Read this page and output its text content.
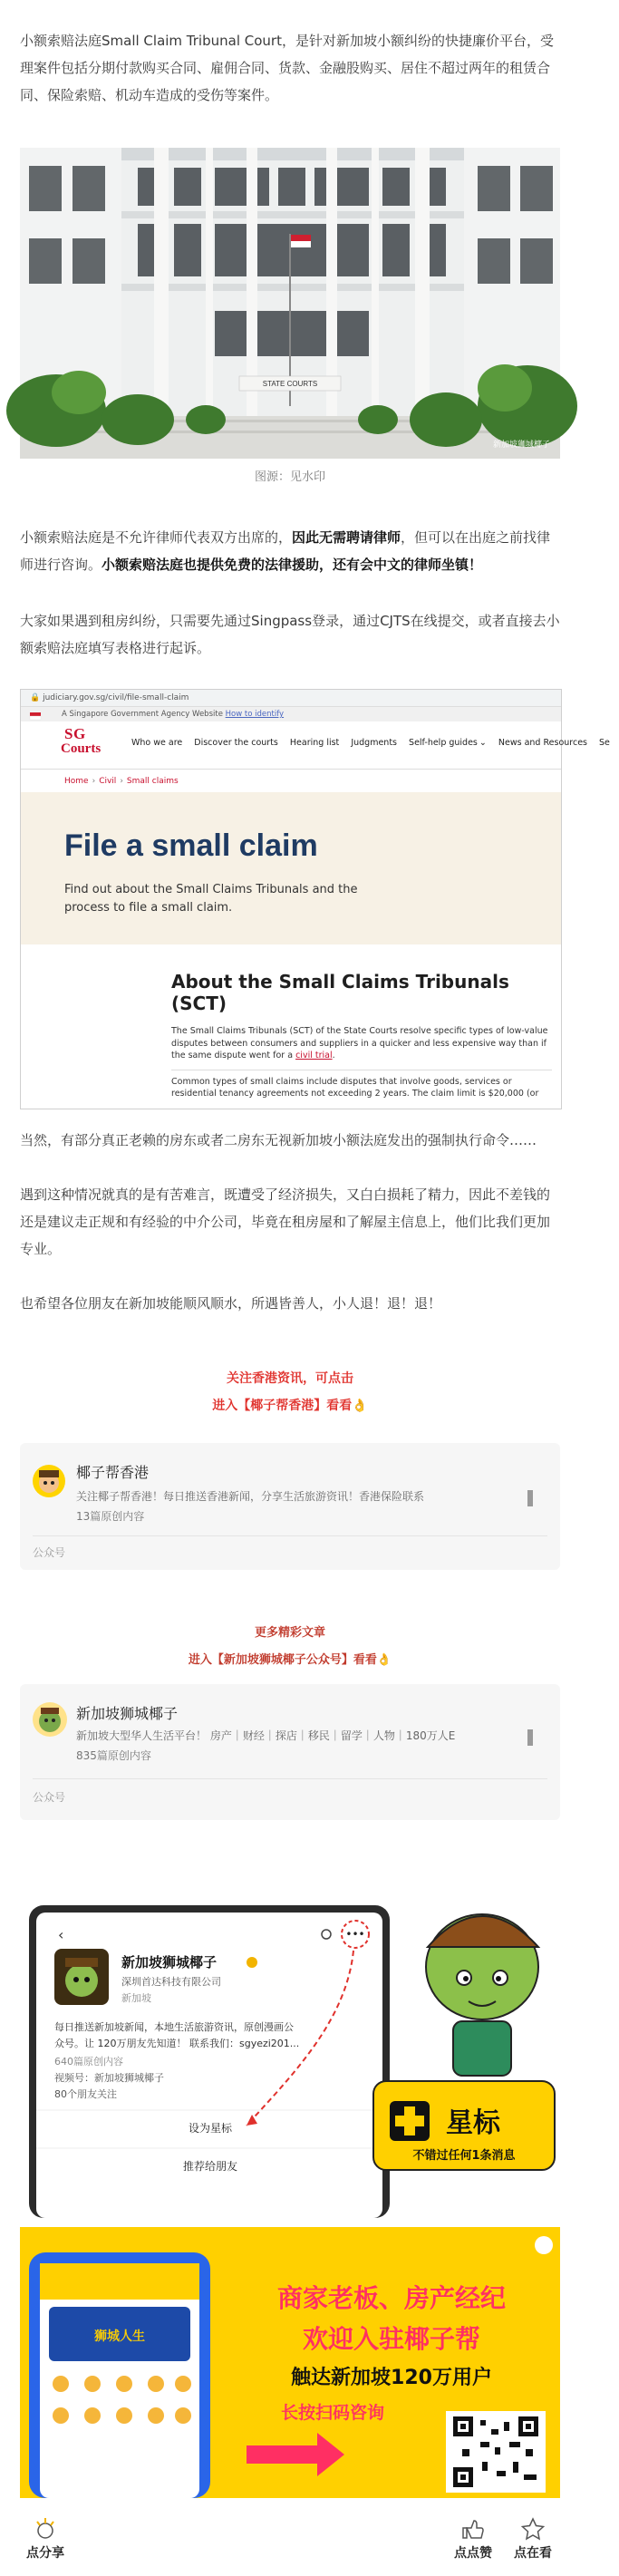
小额索赔法庭Small Claim Tribunal Court，是针对新加坡小额纠纷的快捷廉价平台，受理案件包括分期付款购买合同、雇佣合同、货款、金融股购买、居住不超过两年的租赁合同、保险索赔、机动车造成的受伤等案件。

STATE COURTS
新加坡狮城椰子
图源：见水印

小额索赔法庭是不允许律师代表双方出席的，因此无需聘请律师，但可以在出庭之前找律师进行咨询。小额索赔法庭也提供免费的法律援助，还有会中文的律师坐镇！

大家如果遇到租房纠纷，只需要先通过Singpass登录，通过CJTS在线提交，或者直接去小额索赔法庭填写表格进行起诉。

🔒 judiciary.gov.sg/civil/file-small-claim
A Singapore Government Agency Website How to identify
SG
Courts	Who we are Discover the courts Hearing list Judgments Self-help guides ⌄ News and Resources Se
Home › Civil › Small claims
File a small claim

Find out about the Small Claims Tribunals and the process to file a small claim.

About the Small Claims Tribunals (SCT)

The Small Claims Tribunals (SCT) of the State Courts resolve specific types of low-value disputes between consumers and suppliers in a quicker and less expensive way than if the same dispute went for a civil trial.

Common types of small claims include disputes that involve goods, services or residential tenancy agreements not exceeding 2 years. The claim limit is $20,000 (or

当然，有部分真正老赖的房东或者二房东无视新加坡小额法庭发出的强制执行命令……

遇到这种情况就真的是有苦难言，既遭受了经济损失，又白白损耗了精力，因此不差钱的还是建议走正规和有经验的中介公司，毕竟在租房屋和了解屋主信息上，他们比我们更加专业。

也希望各位朋友在新加坡能顺风顺水，所遇皆善人，小人退！退！退！

关注香港资讯，可点击
进入【椰子帮香港】看看👌
椰子帮香港
关注椰子帮香港！每日推送香港新闻，分享生活旅游资讯！香港保险联系
13篇原创内容
公众号
更多精彩文章
进入【新加坡狮城椰子公众号】看看👌
新加坡狮城椰子
新加坡大型华人生活平台！ 房产｜财经｜探店｜移民｜留学｜人物｜180万人E
835篇原创内容
公众号
‹	•••
新加坡狮城椰子
深圳首达科技有限公司
新加坡
每日推送新加坡新闻，本地生活旅游资讯，原创漫画公
众号。让 120万朋友先知道！ 联系我们：sgyezi201...
640篇原创内容
视频号：新加坡狮城椰子
80个朋友关注
设为星标
推荐给朋友
星标
不错过任何1条消息
狮城人生
商家老板、房产经纪
欢迎入驻椰子帮
触达新加坡120万用户
长按扫码咨询
点分享	点点赞	点在看
